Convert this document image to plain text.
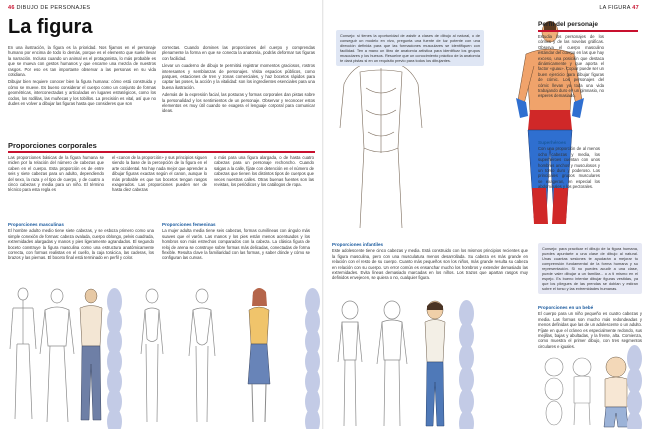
46 DIBUJO DE PERSONAJES
La figura

En una ilustración, la figura es la prioridad. Nos fijamos en el personaje humano por encima de todo lo demás, porque es el elemento que suele llevar la narración. Incluso cuando un animal es el protagonista, lo más probable es que se mueva con gestos humanos y que encarne una mezcla de nuestros rasgos. Por eso es tan importante observar a las personas en su vida cotidiana.

Dibujar bien requiere conocer bien la figura humana: cómo está construida y cómo se mueve. Es bueno considerar el cuerpo como un conjunto de formas geométricas, interconectadas y articuladas en lugares estratégicos, como los codos, los rodillas, las muñecas y los tobillos. La precisión es vital, así que no dudes en volver a dibujar las figuras hasta que consideres que son

correctas. Cuando domines las proporciones del cuerpo y comprendas plenamente la forma en que se conecta la anatomía, podrás deformar tus figuras con facilidad.

Llevar un cuaderno de dibujo te permitirá registrar momentos graciosos, rostros interesantes y semblanzas de personajes. Visita espacios públicos, como parques, estaciones de tren y zonas comerciales, y haz bocetos rápidos para captar las poses, la acción y la vitalidad: son los ingredientes esenciales para una buena ilustración.

Además de la expresión facial, las posturas y formas corporales dan pistas sobre la personalidad y los sentimientos de un personaje. Observar y reconocer estos elementos es muy útil cuando se exagera el lenguaje corporal para comunicar ideas.

Proporciones corporales
Las proporciones básicas de la figura humana se miden por la relación del número de cabezas que caben en el cuerpo. Esta proporción es de entre seis y siete cabezas para un adulto, dependiendo del sexo, la raza y el tipo de cuerpo, y de cuatro a cinco cabezas y media para un niño. El término técnico para esta regla es
el «canon de la proporción» y sus principios siguen siendo la base de la percepción de la figura en el arte occidental. No hay nada mejor que aprender a dibujar figuras exactas según el canon, aunque lo más probable es que tus bocetos tengan rasgos exagerados. Las proporciones pueden ser de hasta diez cabezas
o más para una figura alargada, o de hasta cuatro cabezas para un personaje rechoncho. Cuando salgas a la calle, fíjate con detención en el número de cabezas que tienen los distintos tipos de cuerpos que veces nuestras calles. Otras buenas fuentes son las revistas, los periódicos y los catálogos de ropa.
Proporciones masculinas
El hombre adulto medio tiene siete cabezas, y se esboza primero como una simple conexión de formas: cabeza ovalada, cuerpo oblongo, pelvis cuadrada, extremidades alargadas y manos y pies ligeramente agrandados. El segundo boceto construye la figura masculina como una estructura anatómicamente correcta, con formas realistas en el cuello, la caja torácica, las caderas, los brazos y las piernas. El boceto final está terminado en perfil y color.
Proporciones femeninas
La mujer adulta media tiene seis cabezas, formas curvilíneas con ángulo más suaves que el varón. Las manos y los pies están menos acentuados y los hombros son más estrechos comparados con la cabeza. La clásica figura de reloj de arena se construye sobre formas más delicadas, conectadas de forma flexible. Resulta clave la familiaridad con las formas, y saber dónde y cómo se configuran las curvas.
LA FIGURA 47
Consejo: si tienes la oportunidad de asistir a clases de dibujo al natural, o de conseguir un modelo en vivo, pregunta una fuente de luz potente con una dirección definida para que las formaciones musculares se identifiquen con facilidad. Ten a mano un libro de anatomía artística para identificar los grupos musculares y los huesos. Resuelve que un conocimiento práctico de la anatomía te dará pistas si en un requisito previo para todos los dibujantes.
Perfil del personaje
Estudia los personajes de los cómics y de las novelas gráficas. Observa el cuerpo masculino estándar del cuerpo en las que hay exceso, una posición que destaca dinámicamente y que aporta el factor «guau». Copiar puede ser un buen ejercicio para dibujar figuras de cómic. Los personajes del cómic llevan ya toda una vida trabajando duro en un gimnasio, no esperes demasiado.
Superhéroes
Con una proporción de al menos ocho cabezas y media, los superhéroes cuentan con unos hombros anchos y musculosos y un torso duro y poderoso. Los principales grupos musculares se exageran, en especial los abdominales y los pectorales.
Proporciones infantiles
Este adolescente tiene cinco cabezas y media. Está construido con los mismos principios recientes que la figura masculina, pero con una musculatura menos desarrollada. Su cabeza es más grande en relación con el resto de su cuerpo. Cuanto más pequeños son los niños, más grande resulta su cabeza en relación con su cuerpo. Un error común es ensanchar mucho los hombros y extender demasiado las extremidades. Evita líneas demasiado marcadas en los niños. Los trazos que apartan rasgos muy definidos envejecen, se quiera o no, cualquier figura.
Consejo: para practicar el dibujo de la figura humana, puedes apuntarte a una clase de dibujo al natural. Unas cuantas sesiones te ayudarán a mejorar tu comprensión fundamental de la forma humana y su representación. Si no puedes acudir a una clase, puede valer dibujar a un familiar... o a ti mismo en el espejo. Es bueno intentar dibujar figuras vestidas, ya que los pliegues de las prendas se doblan y estiran sobre el torso y las extremidades humanas.
Proporciones en un bebé
El cuerpo para un niño pequeño es cuatro cabezas y media. Las formas son mucho más redondeadas y menos definidas que las de un adolescente o un adulto. Fíjate en que el cráneo es especialmente redondo, sus mejillas, bajas y abultadas, y la frente, alta. Comienza, como muestra el primer dibujo, con tres segmentos circulares e iguales.
